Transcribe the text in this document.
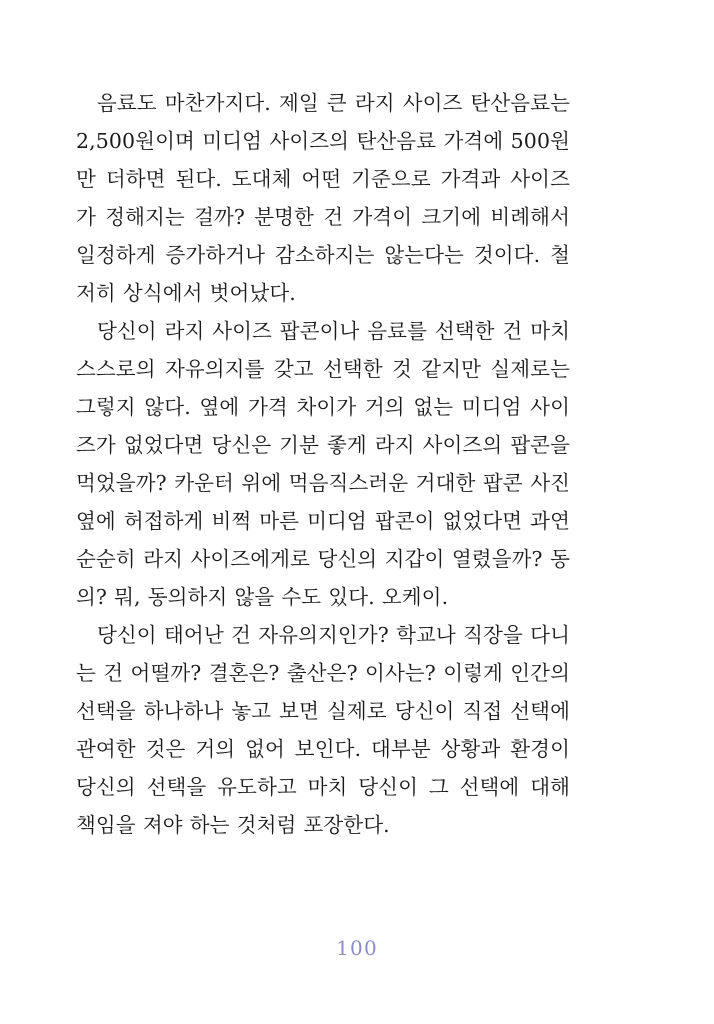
음료도 마찬가지다. 제일 큰 라지 사이즈 탄산음료는 2,500원이며 미디엄 사이즈의 탄산음료 가격에 500원만 더하면 된다. 도대체 어떤 기준으로 가격과 사이즈가 정해지는 걸까? 분명한 건 가격이 크기에 비례해서 일정하게 증가하거나 감소하지는 않는다는 것이다. 철저히 상식에서 벗어났다.

당신이 라지 사이즈 팝콘이나 음료를 선택한 건 마치 스스로의 자유의지를 갖고 선택한 것 같지만 실제로는 그렇지 않다. 옆에 가격 차이가 거의 없는 미디엄 사이즈가 없었다면 당신은 기분 좋게 라지 사이즈의 팝콘을 먹었을까? 카운터 위에 먹음직스러운 거대한 팝콘 사진 옆에 허접하게 비쩍 마른 미디엄 팝콘이 없었다면 과연 순순히 라지 사이즈에게로 당신의 지갑이 열렸을까? 동의? 뭐, 동의하지 않을 수도 있다. 오케이.

당신이 태어난 건 자유의지인가? 학교나 직장을 다니는 건 어떨까? 결혼은? 출산은? 이사는? 이렇게 인간의 선택을 하나하나 놓고 보면 실제로 당신이 직접 선택에 관여한 것은 거의 없어 보인다. 대부분 상황과 환경이 당신의 선택을 유도하고 마치 당신이 그 선택에 대해 책임을 져야 하는 것처럼 포장한다.

100
